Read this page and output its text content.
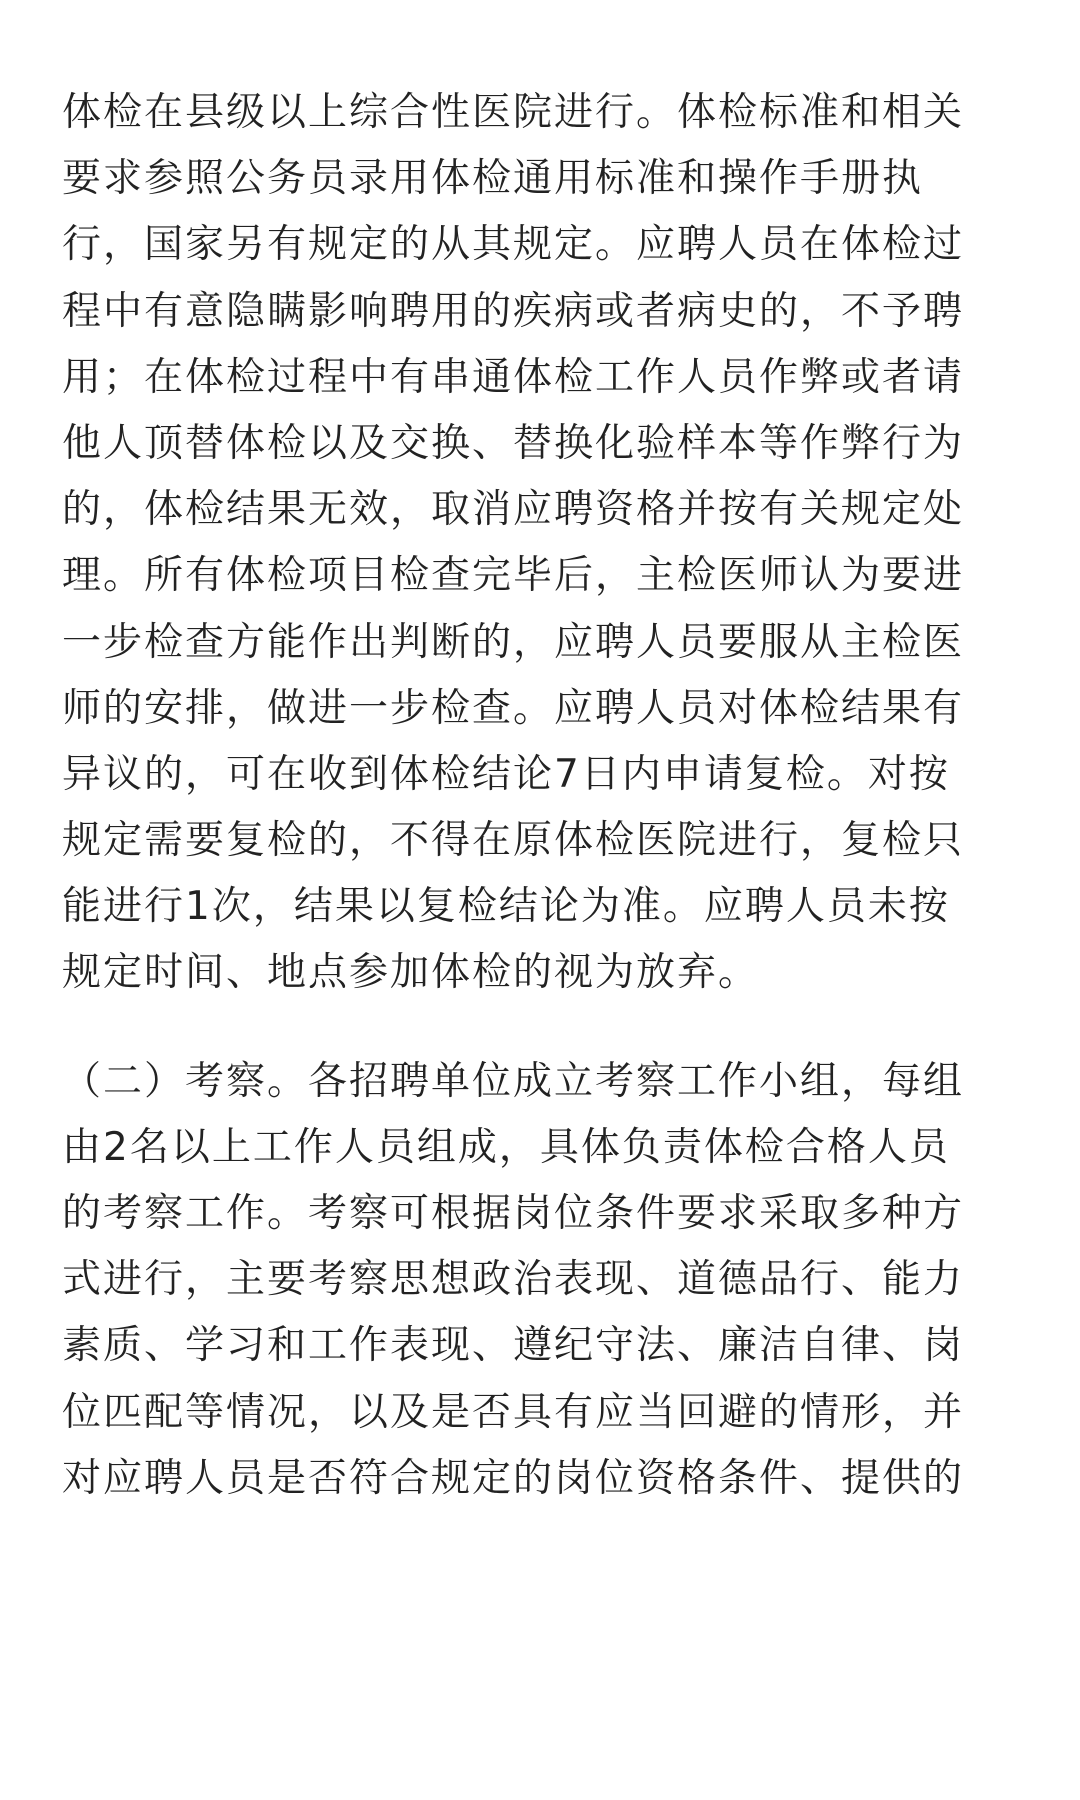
体检在县级以上综合性医院进行。体检标准和相关
要求参照公务员录用体检通用标准和操作手册执
行，国家另有规定的从其规定。应聘人员在体检过
程中有意隐瞒影响聘用的疾病或者病史的，不予聘
用；在体检过程中有串通体检工作人员作弊或者请
他人顶替体检以及交换、替换化验样本等作弊行为
的，体检结果无效，取消应聘资格并按有关规定处
理。所有体检项目检查完毕后，主检医师认为要进
一步检查方能作出判断的，应聘人员要服从主检医
师的安排，做进一步检查。应聘人员对体检结果有
异议的，可在收到体检结论7日内申请复检。对按
规定需要复检的，不得在原体检医院进行，复检只
能进行1次，结果以复检结论为准。应聘人员未按
规定时间、地点参加体检的视为放弃。
（二）考察。各招聘单位成立考察工作小组，每组
由2名以上工作人员组成，具体负责体检合格人员
的考察工作。考察可根据岗位条件要求采取多种方
式进行，主要考察思想政治表现、道德品行、能力
素质、学习和工作表现、遵纪守法、廉洁自律、岗
位匹配等情况，以及是否具有应当回避的情形，并
对应聘人员是否符合规定的岗位资格条件、提供的
